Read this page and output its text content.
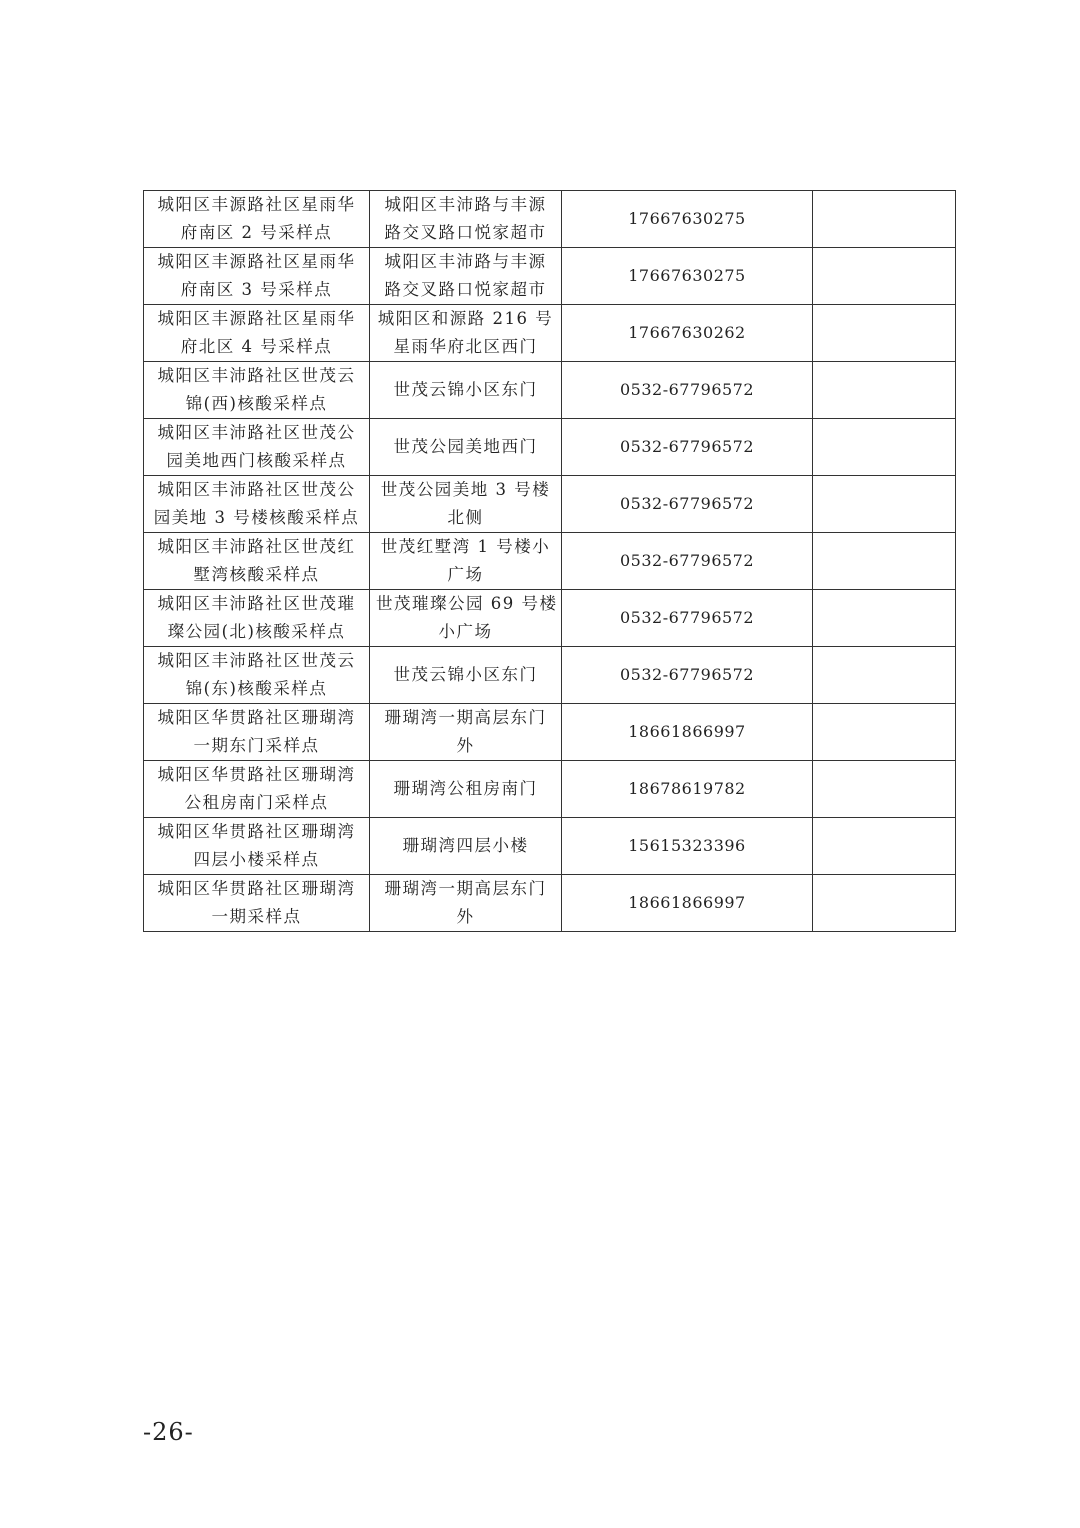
城阳区丰源路社区星雨华
府南区 2 号采样点	城阳区丰沛路与丰源
路交叉路口悦家超市	17667630275	

城阳区丰源路社区星雨华
府南区 3 号采样点	城阳区丰沛路与丰源
路交叉路口悦家超市	17667630275	

城阳区丰源路社区星雨华
府北区 4 号采样点	城阳区和源路 216 号
星雨华府北区西门	17667630262	

城阳区丰沛路社区世茂云
锦(西)核酸采样点	世茂云锦小区东门	0532-67796572	

城阳区丰沛路社区世茂公
园美地西门核酸采样点	世茂公园美地西门	0532-67796572	

城阳区丰沛路社区世茂公
园美地 3 号楼核酸采样点	世茂公园美地 3 号楼
北侧	0532-67796572	

城阳区丰沛路社区世茂红
墅湾核酸采样点	世茂红墅湾 1 号楼小
广场	0532-67796572	

城阳区丰沛路社区世茂璀
璨公园(北)核酸采样点	世茂璀璨公园 69 号楼
小广场	0532-67796572	

城阳区丰沛路社区世茂云
锦(东)核酸采样点	世茂云锦小区东门	0532-67796572	

城阳区华贯路社区珊瑚湾
一期东门采样点	珊瑚湾一期高层东门
外	18661866997	

城阳区华贯路社区珊瑚湾
公租房南门采样点	珊瑚湾公租房南门	18678619782	

城阳区华贯路社区珊瑚湾
四层小楼采样点	珊瑚湾四层小楼	15615323396	

城阳区华贯路社区珊瑚湾
一期采样点	珊瑚湾一期高层东门
外	18661866997	
-26-
